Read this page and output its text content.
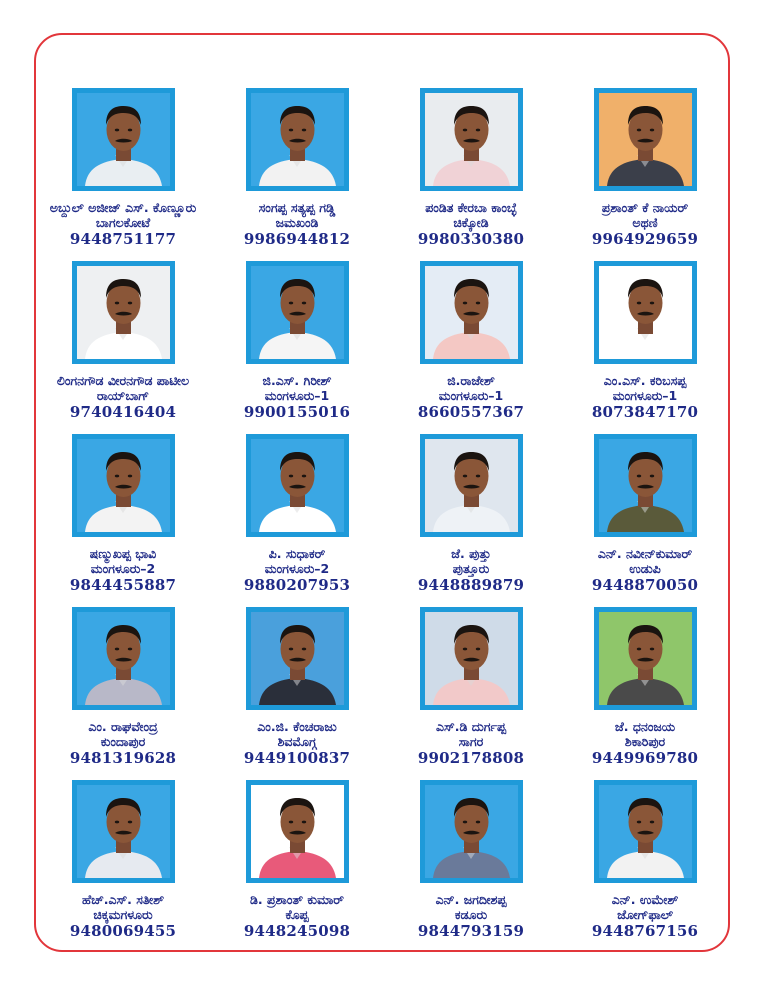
ಅಬ್ದುಲ್ ಅಜೀಜ್ ಎಸ್. ಕೊಣ್ಣೂರು
ಬಾಗಲಕೋಟೆ
9448751177
ಸಂಗಪ್ಪ ಸತ್ಯಪ್ಪ ಗಡ್ಡಿ
ಜಮಖಂಡಿ
9986944812
ಪಂಡಿತ ಕೇರಬಾ ಕಾಂಬ್ಳೆ
ಚಿಕ್ಕೋಡಿ
9980330380
ಪ್ರಶಾಂತ್ ಕೆ ನಾಯರ್
ಅಥಣಿ
9964929659
ಲಿಂಗನಗೌಡ ವೀರನಗೌಡ ಪಾಟೀಲ
ರಾಯ್‌ಬಾಗ್
9740416404
ಜಿ.ಎಸ್. ಗಿರೀಶ್
ಮಂಗಳೂರು–1
9900155016
ಜಿ.ರಾಜೇಶ್
ಮಂಗಳೂರು–1
8660557367
ಎಂ.ಎಸ್. ಕರಿಬಸಪ್ಪ
ಮಂಗಳೂರು–1
8073847170
ಷಣ್ಮುಖಪ್ಪ ಭಾವಿ
ಮಂಗಳೂರು–2
9844455887
ಪಿ. ಸುಧಾಕರ್
ಮಂಗಳೂರು–2
9880207953
ಜೆ. ಪುತ್ತು
ಪುತ್ತೂರು
9448889879
ಎನ್. ನವೀನ್‌ಕುಮಾರ್
ಉಡುಪಿ
9448870050
ಎಂ. ರಾಘವೇಂದ್ರ
ಕುಂದಾಪುರ
9481319628
ಎಂ.ಜಿ. ಕೆಂಚರಾಜು
ಶಿವಮೊಗ್ಗ
9449100837
ಎಸ್.ಡಿ ದುರ್ಗಪ್ಪ
ಸಾಗರ
9902178808
ಜೆ. ಧನಂಜಯ
ಶಿಕಾರಿಪುರ
9449969780
ಹೆಚ್.ಎಸ್. ಸತೀಶ್
ಚಿಕ್ಕಮಗಳೂರು
9480069455
ಡಿ. ಪ್ರಶಾಂತ್ ಕುಮಾರ್
ಕೊಪ್ಪ
9448245098
ಎನ್. ಜಗದೀಶಪ್ಪ
ಕಡೂರು
9844793159
ಎನ್. ಉಮೇಶ್
ಜೋಗ್‌ಫಾಲ್
9448767156
